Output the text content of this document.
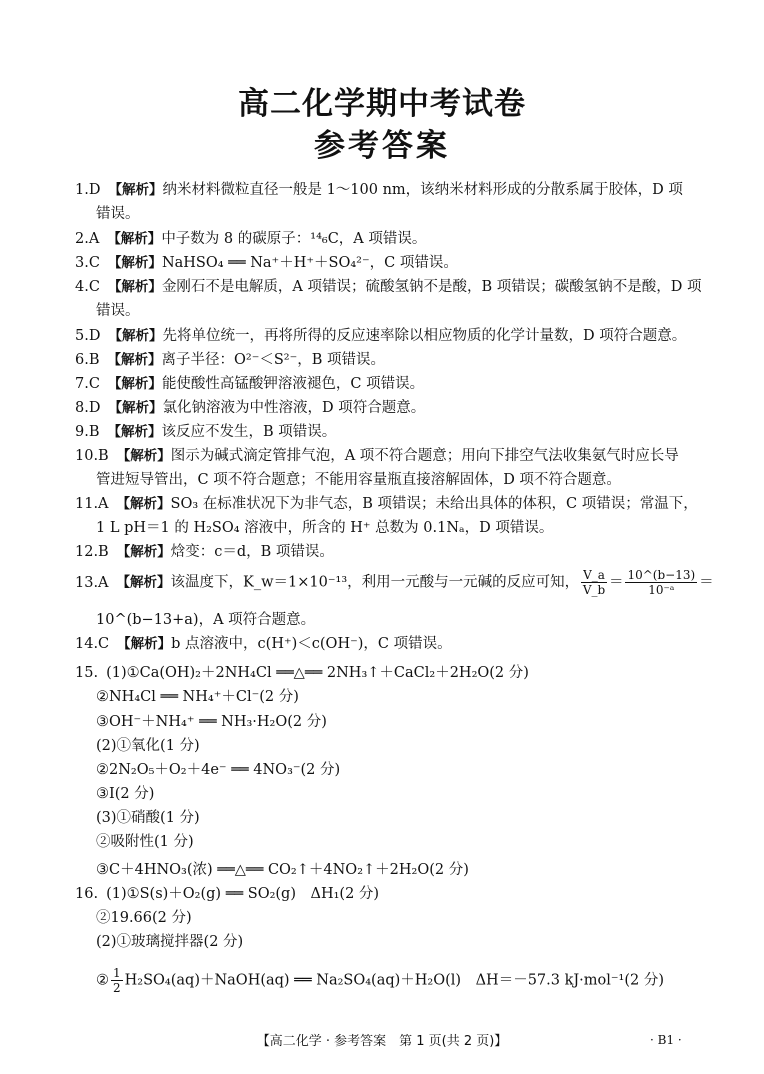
高二化学期中考试卷
参考答案
1.D 【解析】纳米材料微粒直径一般是 1～100 nm，该纳米材料形成的分散系属于胶体，D 项
错误。
2.A 【解析】中子数为 8 的碳原子：¹⁴₆C，A 项错误。
3.C 【解析】NaHSO₄ ══ Na⁺＋H⁺＋SO₄²⁻，C 项错误。
4.C 【解析】金刚石不是电解质，A 项错误；硫酸氢钠不是酸，B 项错误；碳酸氢钠不是酸，D 项
错误。
5.D 【解析】先将单位统一，再将所得的反应速率除以相应物质的化学计量数，D 项符合题意。
6.B 【解析】离子半径：O²⁻＜S²⁻，B 项错误。
7.C 【解析】能使酸性高锰酸钾溶液褪色，C 项错误。
8.D 【解析】氯化钠溶液为中性溶液，D 项符合题意。
9.B 【解析】该反应不发生，B 项错误。
10.B 【解析】图示为碱式滴定管排气泡，A 项不符合题意；用向下排空气法收集氨气时应长导
管进短导管出，C 项不符合题意；不能用容量瓶直接溶解固体，D 项不符合题意。
11.A 【解析】SO₃ 在标准状况下为非气态，B 项错误；未给出具体的体积，C 项错误；常温下，
1 L pH＝1 的 H₂SO₄ 溶液中，所含的 H⁺ 总数为 0.1Nₐ，D 项错误。
12.B 【解析】焓变：c＝d，B 项错误。
13.A 【解析】该温度下，K_w＝1×10⁻¹³，利用一元酸与一元碱的反应可知， $\frac{V\_a}{V\_b} = \frac{10\^{}(b-13)}{\text{10⁻ᵃ}}$ ＝
10^(b−13+a)，A 项符合题意。
14.C 【解析】b 点溶液中，c(H⁺)＜c(OH⁻)，C 项错误。
15. (1)①Ca(OH)₂＋2NH₄Cl ══△══ 2NH₃↑＋CaCl₂＋2H₂O(2 分)
②NH₄Cl ══ NH₄⁺＋Cl⁻(2 分)
③OH⁻＋NH₄⁺ ══ NH₃·H₂O(2 分)
(2)①氧化(1 分)
②2N₂O₅＋O₂＋4e⁻ ══ 4NO₃⁻(2 分)
③Ⅰ(2 分)
(3)①硝酸(1 分)
②吸附性(1 分)
③C＋4HNO₃(浓) ══△══ CO₂↑＋4NO₂↑＋2H₂O(2 分)
16. (1)①S(s)＋O₂(g) ══ SO₂(g)　ΔH₁(2 分)
②19.66(2 分)
(2)①玻璃搅拌器(2 分)
② $\frac{1}{2}$ H₂SO₄(aq)＋NaOH(aq) ══ Na₂SO₄(aq)＋H₂O(l)　ΔH＝－57.3 kJ·mol⁻¹(2 分)
【高二化学 · 参考答案　第 1 页(共 2 页)】	· B1 ·
